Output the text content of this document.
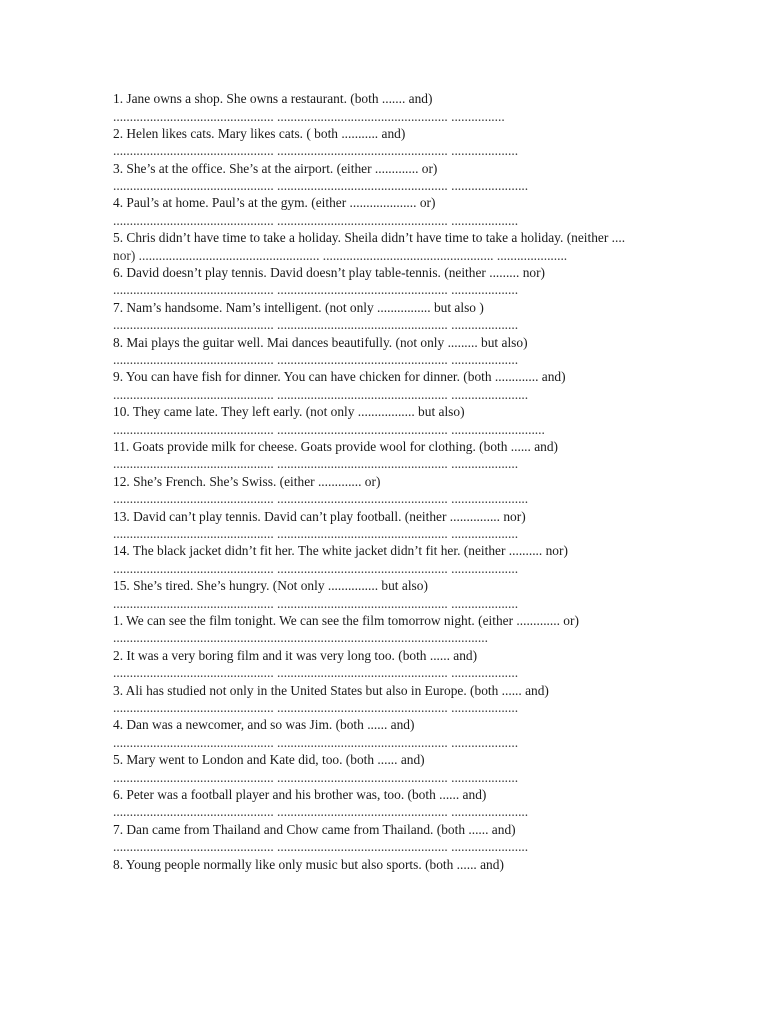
1. Jane owns a shop. She owns a restaurant. (both ....... and)
................................................ ................................................... ................
2. Helen likes cats. Mary likes cats. ( both ........... and)
................................................ ................................................... ....................
3. She’s at the office. She’s at the airport. (either ............. or)
................................................ ................................................... .......................
4. Paul’s at home. Paul’s at the gym. (either .................... or)
................................................ ................................................... ....................
5. Chris didn’t have time to take a holiday. Sheila didn’t have time to take a holiday. (neither ....
nor) ...................................................... ................................................... .....................
6. David doesn’t play tennis. David doesn’t play table-tennis. (neither ......... nor)
................................................ ................................................... ....................
7. Nam’s handsome. Nam’s intelligent. (not only ................ but also )
................................................ ................................................... ....................
8. Mai plays the guitar well. Mai dances beautifully. (not only ......... but also)
................................................ ................................................... ....................
9. You can have fish for dinner. You can have chicken for dinner. (both ............. and)
................................................ ................................................... .......................
10. They came late. They left early. (not only ................. but also)
................................................ ................................................... ............................
11. Goats provide milk for cheese. Goats provide wool for clothing. (both ...... and)
................................................ ................................................... ....................
12. She’s French. She’s Swiss. (either ............. or)
................................................ ................................................... .......................
13. David can’t play tennis. David can’t play football. (neither ............... nor)
................................................ ................................................... ....................
14. The black jacket didn’t fit her. The white jacket didn’t fit her. (neither .......... nor)
................................................ ................................................... ....................
15. She’s tired. She’s hungry. (Not only ............... but also)
................................................ ................................................... ....................
1. We can see the film tonight. We can see the film tomorrow night. (either ............. or)
................................................................................................................
2. It was a very boring film and it was very long too. (both ...... and)
................................................ ................................................... ....................
3. Ali has studied not only in the United States but also in Europe. (both ...... and)
................................................ ................................................... ....................
4. Dan was a newcomer, and so was Jim. (both ...... and)
................................................ ................................................... ....................
5. Mary went to London and Kate did, too. (both ...... and)
................................................ ................................................... ....................
6. Peter was a football player and his brother was, too. (both ...... and)
................................................ ................................................... .......................
7. Dan came from Thailand and Chow came from Thailand. (both ...... and)
................................................ ................................................... .......................
8. Young people normally like only music but also sports. (both ...... and)
